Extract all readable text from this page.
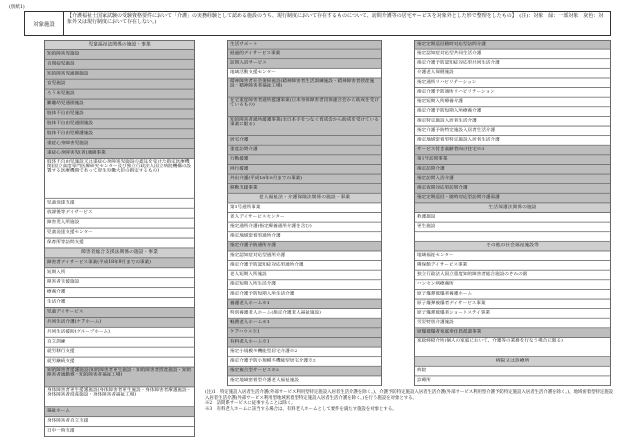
(別紙1)
対象施設
【介護福祉士国家試験の受験資格要件において「介護」の実務経験として認める施設のうち、現行制度において存在するものについて、訪問介護等の居宅サービスを対象外とした形で整理をしたもの】　(注)：対象　緑：一部対象　灰色：対象外又は現行制度において存在しない。)
児童福祉法関係の施設・事業
知的障害児施設
自閉症児施設
知的障害児通園施設
盲児施設
ろうあ児施設
難聴幼児通園施設
肢体不自由児施設
肢体不自由児通園施設
肢体不自由児療護施設
重症心身障害児施設
重症心身障害児(者)通園事業
肢体不自由児施設又は重症心身障害児施設の委託を受けた指定医療機関(国立高度専門医療研究センター及び独立行政法人国立病院機構の設置する医療機関であって厚生労働大臣の指定するもの)
児童発達支援
放課後等デイサービス
障害児入所施設
児童発達支援センター
保育所等訪問支援
障害者総合支援法関係の施設・事業
障害者デイサービス事業(平成18年9月までの事業)
短期入所
障害者支援施設
療養介護
生活介護
児童デイサービス
共同生活介護(ケアホーム)
共同生活援助(グループホーム)
自立訓練
就労移行支援
就労継続支援
知的障害者援護施設(知的障害者更生施設・知的障害者授産施設・知的障害者通勤寮・知的障害者福祉工場)
身体障害者更生援護施設(身体障害者更生施設・身体障害者療護施設・身体障害者授産施設・身体障害者福祉工場)
福祉ホーム
身体障害者自立支援
日中一時支援
生活サポート
経過的デイサービス事業
訪問入浴サービス
地域活動支援センター
精神障害者社会復帰施設(精神障害者生活訓練施設・精神障害者授産施設・精神障害者福祉工場)
在宅重度障害者通所援護事業(日本身体障害者団体連合会から助成を受けているもの)
知的障害者通所援護事業(全日本手をつなぐ育成会から助成を受けている事業に限る)
居宅介護
重度訪問介護
行動援護
同行援護
外出介護(平成18年9月までの事業)
移動支援事業
老人福祉法・介護保険法関係の施設・事業
第1号通所事業
老人デイサービスセンター
指定通所介護(指定療養通所介護を含む)
指定地域密着型通所介護
指定介護予防通所介護
指定認知症対応型通所介護
指定介護予防認知症対応型通所介護
老人短期入所施設
指定短期入所生活介護
指定介護予防短期入所生活介護
養護老人ホーム※1
特別養護老人ホーム(指定介護老人福祉施設)
軽費老人ホーム※1
ケアハウス※1
有料老人ホーム※1
指定小規模多機能型居宅介護※2
指定介護予防小規模多機能型居宅介護※2
指定複合型サービス※2
指定地域密着型介護老人福祉施設
指定定期巡回随時対応型訪問介護
指定認知症対応型共同生活介護
指定介護予防認知症対応型共同生活介護
介護老人保健施設
指定通所リハビリテーション
指定介護予防通所リハビリテーション
指定短期入所療養介護
指定介護予防短期入所療養介護
指定特定施設入居者生活介護
指定介護予防特定施設入居者生活介護
指定地域密着型特定施設入居者生活介護
サービス付き高齢者向け住宅※3
第1号訪問事業
指定訪問介護
指定訪問入浴介護
指定夜間対応型訪問介護
指定定期巡回・随時対応型訪問介護看護
生活保護法関係の施設
救護施設
更生施設
その他の社会福祉施設等
地域福祉センター
隣保館デイサービス事業
独立行政法人国立重度知的障害者総合施設のぞみの園
ハンセン病療養所
原子爆弾被爆者養護ホーム
原子爆弾被爆者デイサービス事業
原子爆弾被爆者ショートステイ事業
労災特別介護施設
原爆被爆者家庭奉仕員派遣事業
家政婦紹介所(個人の家庭において、介護等の業務を行なう場合に限る)
病院又は診療所
病院
診療所
(注)1　特定施設入居者生活介護(外部サービス利用型特定施設入居者生活介護を除く。)、介護予防特定施設入居者生活介護(外部サービス利用型介護予防特定施設入居者生活介護を除く。)、地域密着型特定施設入居者生活介護(外部サービス利用型地域密着型特定施設入居者生活介護を除く。)を行う施設を対象とする。
※2　訪問系サービスに従事することは除く。
※3　有料老人ホームに該当する場合は、有料老人ホームとして要件を満たす施設を対象とする。
